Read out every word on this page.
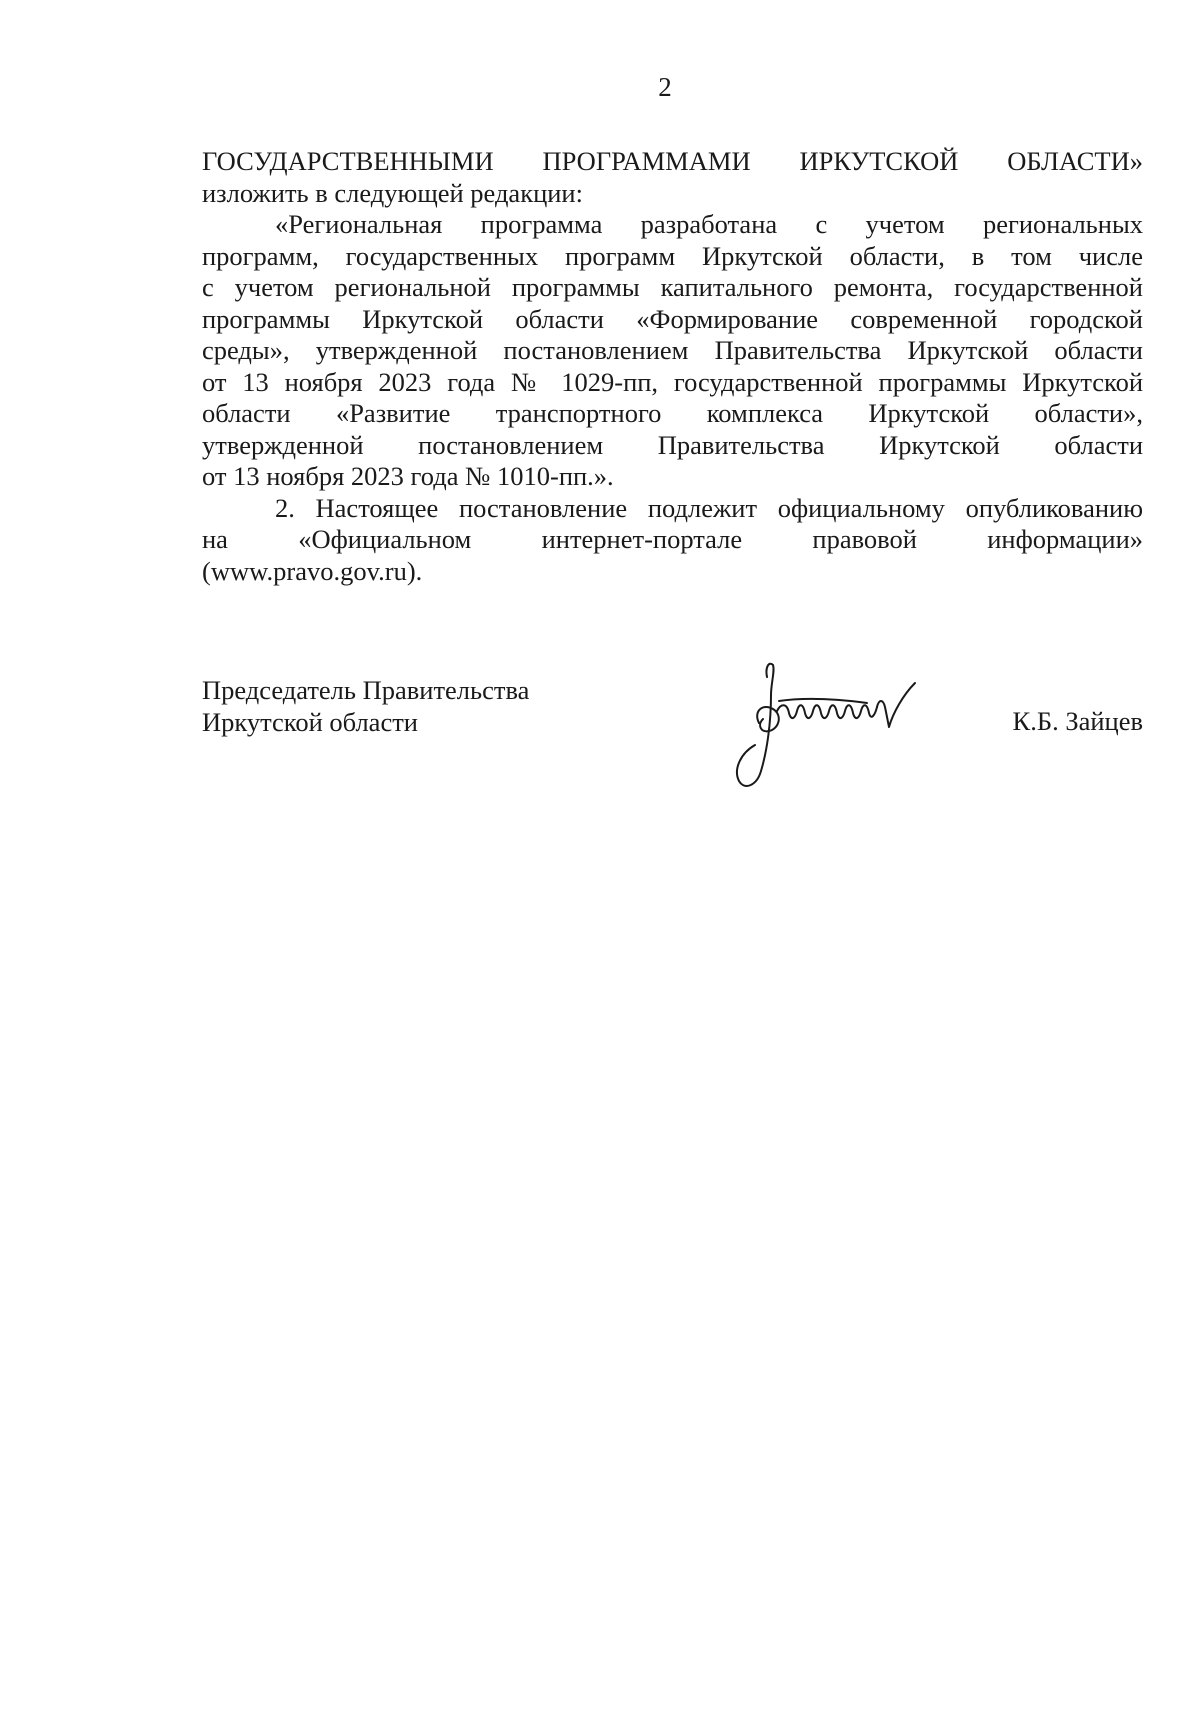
2

ГОСУДАРСТВЕННЫМИ ПРОГРАММАМИ ИРКУТСКОЙ ОБЛАСТИ»
изложить в следующей редакции:
«Региональная программа разработана с учетом региональных
программ, государственных программ Иркутской области, в том числе
с учетом региональной программы капитального ремонта, государственной
программы Иркутской области «Формирование современной городской
среды», утвержденной постановлением Правительства Иркутской области
от 13 ноября 2023 года № 1029-пп, государственной программы Иркутской
области «Развитие транспортного комплекса Иркутской области»,
утвержденной постановлением Правительства Иркутской области
от 13 ноября 2023 года № 1010-пп.».
2. Настоящее постановление подлежит официальному опубликованию
на «Официальном интернет-портале правовой информации»
(www.pravo.gov.ru).
Председатель Правительства
Иркутской области	К.Б. Зайцев
